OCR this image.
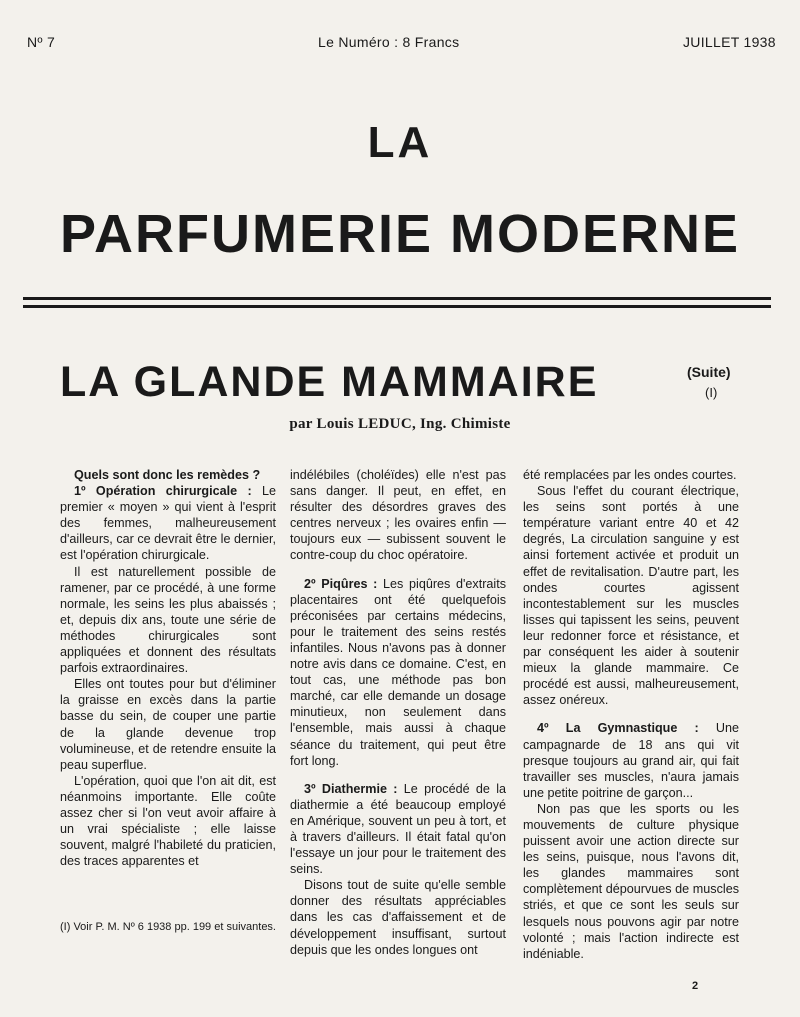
Nº 7	Le Numéro : 8 Francs	JUILLET 1938
LA
PARFUMERIE MODERNE
LA GLANDE MAMMAIRE	(Suite)
(I)
par Louis LEDUC, Ing. Chimiste

Quels sont donc les remèdes ?

1º Opération chirurgicale : Le premier « moyen » qui vient à l'esprit des femmes, malheureusement d'ailleurs, car ce devrait être le dernier, est l'opération chirurgicale.

Il est naturellement possible de ramener, par ce procédé, à une forme normale, les seins les plus abaissés ; et, depuis dix ans, toute une série de méthodes chirurgicales sont appliquées et donnent des résultats parfois extraordinaires.

Elles ont toutes pour but d'éliminer la graisse en excès dans la partie basse du sein, de couper une partie de la glande devenue trop volumineuse, et de retendre ensuite la peau superflue.

L'opération, quoi que l'on ait dit, est néanmoins importante. Elle coûte assez cher si l'on veut avoir affaire à un vrai spécialiste ; elle laisse souvent, malgré l'habileté du praticien, des traces apparentes et

indélébiles (choléïdes) elle n'est pas sans danger. Il peut, en effet, en résulter des désordres graves des centres nerveux ; les ovaires enfin — toujours eux — subissent souvent le contre-coup du choc opératoire.

2º Piqûres : Les piqûres d'extraits placentaires ont été quelquefois préconisées par certains médecins, pour le traitement des seins restés infantiles. Nous n'avons pas à donner notre avis dans ce domaine. C'est, en tout cas, une méthode pas bon marché, car elle demande un dosage minutieux, non seulement dans l'ensemble, mais aussi à chaque séance du traitement, qui peut être fort long.

3º Diathermie : Le procédé de la diathermie a été beaucoup employé en Amérique, souvent un peu à tort, et à travers d'ailleurs. Il était fatal qu'on l'essaye un jour pour le traitement des seins.

Disons tout de suite qu'elle semble donner des résultats appréciables dans les cas d'affaissement et de développement insuffisant, surtout depuis que les ondes longues ont

été remplacées par les ondes courtes.

Sous l'effet du courant électrique, les seins sont portés à une température variant entre 40 et 42 degrés, La circulation sanguine y est ainsi fortement activée et produit un effet de revitalisation. D'autre part, les ondes courtes agissent incontestablement sur les muscles lisses qui tapissent les seins, peuvent leur redonner force et résistance, et par conséquent les aider à soutenir mieux la glande mammaire. Ce procédé est aussi, malheureusement, assez onéreux.

4º La Gymnastique : Une campagnarde de 18 ans qui vit presque toujours au grand air, qui fait travailler ses muscles, n'aura jamais une petite poitrine de garçon...

Non pas que les sports ou les mouvements de culture physique puissent avoir une action directe sur les seins, puisque, nous l'avons dit, les glandes mammaires sont complètement dépourvues de muscles striés, et que ce sont les seuls sur lesquels nous pouvons agir par notre volonté ; mais l'action indirecte est indéniable.

(I) Voir P. M. Nº 6 1938 pp. 199 et suivantes.
2
